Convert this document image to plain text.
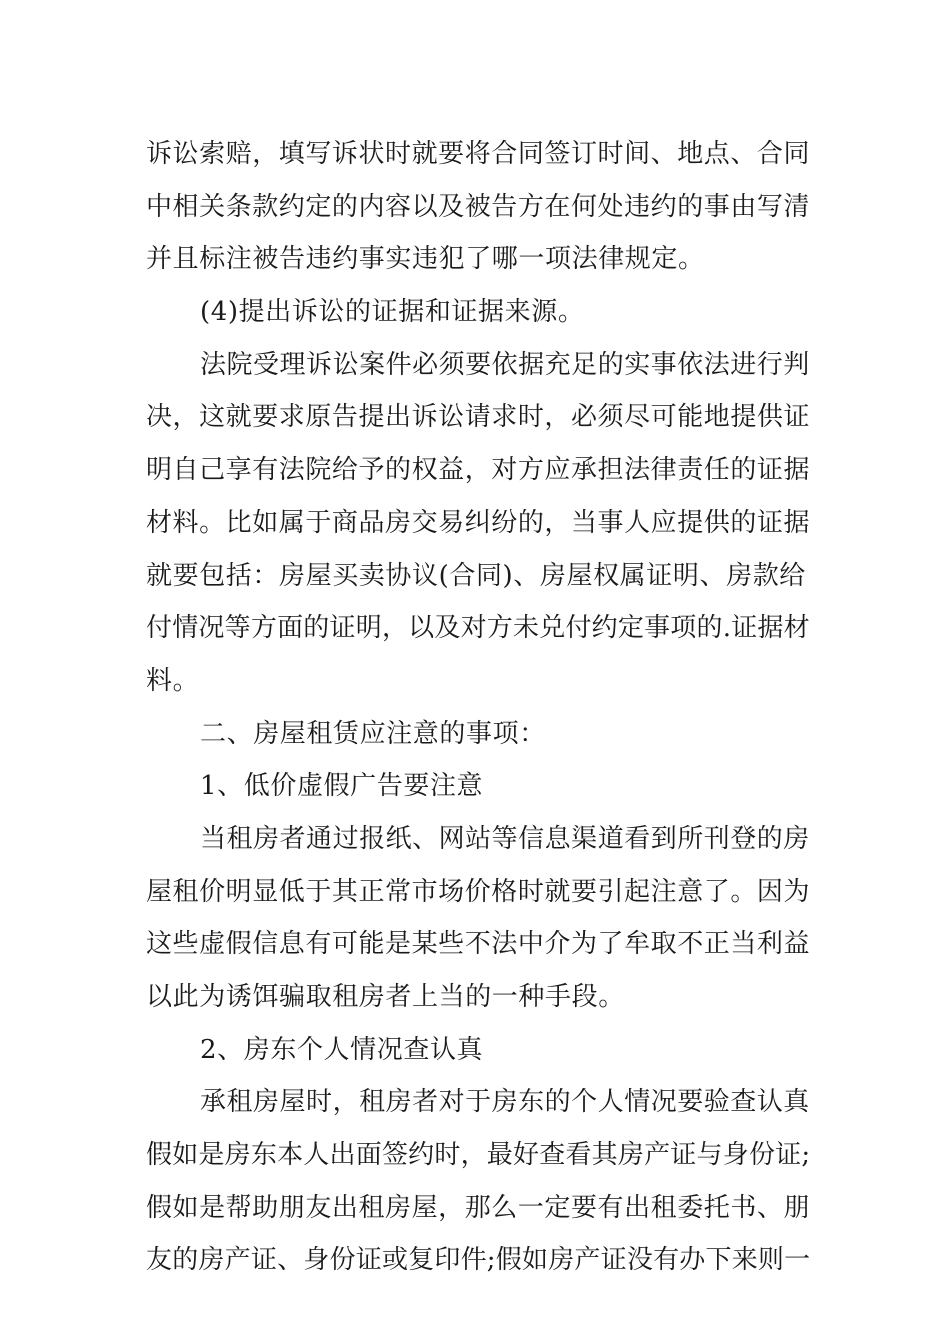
诉讼索赔，填写诉状时就要将合同签订时间、地点、合同
中相关条款约定的内容以及被告方在何处违约的事由写清
并且标注被告违约事实违犯了哪一项法律规定。
(4)提出诉讼的证据和证据来源。
法院受理诉讼案件必须要依据充足的实事依法进行判
决，这就要求原告提出诉讼请求时，必须尽可能地提供证
明自己享有法院给予的权益，对方应承担法律责任的证据
材料。比如属于商品房交易纠纷的，当事人应提供的证据
就要包括：房屋买卖协议(合同)、房屋权属证明、房款给
付情况等方面的证明，以及对方未兑付约定事项的.证据材
料。
二、房屋租赁应注意的事项：
1、低价虚假广告要注意
当租房者通过报纸、网站等信息渠道看到所刊登的房
屋租价明显低于其正常市场价格时就要引起注意了。因为
这些虚假信息有可能是某些不法中介为了牟取不正当利益
以此为诱饵骗取租房者上当的一种手段。
2、房东个人情况查认真
承租房屋时，租房者对于房东的个人情况要验查认真
假如是房东本人出面签约时，最好查看其房产证与身份证;
假如是帮助朋友出租房屋，那么一定要有出租委托书、朋
友的房产证、身份证或复印件;假如房产证没有办下来则一
